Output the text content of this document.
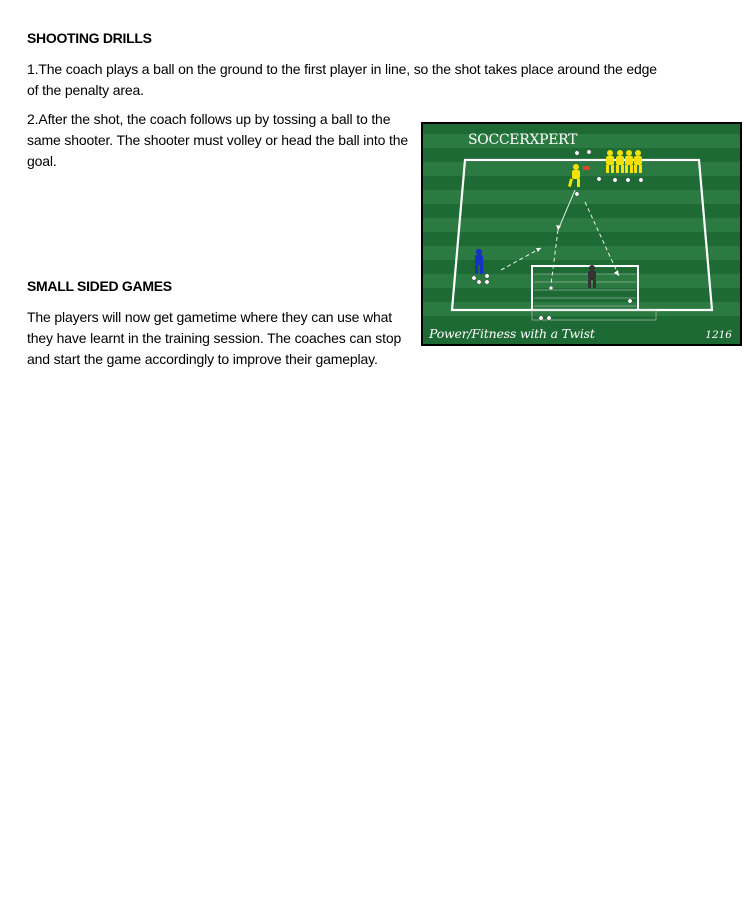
SHOOTING DRILLS
1.The coach plays a ball on the ground to the first player in line, so the shot takes place around the edge of the penalty area.
2.After the shot, the coach follows up by tossing a ball to the same shooter. The shooter must volley or head the ball into the goal.
SMALL SIDED GAMES
The players will now get gametime where they can use what they have learnt in the training session. The coaches can stop and start the game accordingly to improve their gameplay.
SOCCERXPERT
Power/Fitness with a Twist	1216
